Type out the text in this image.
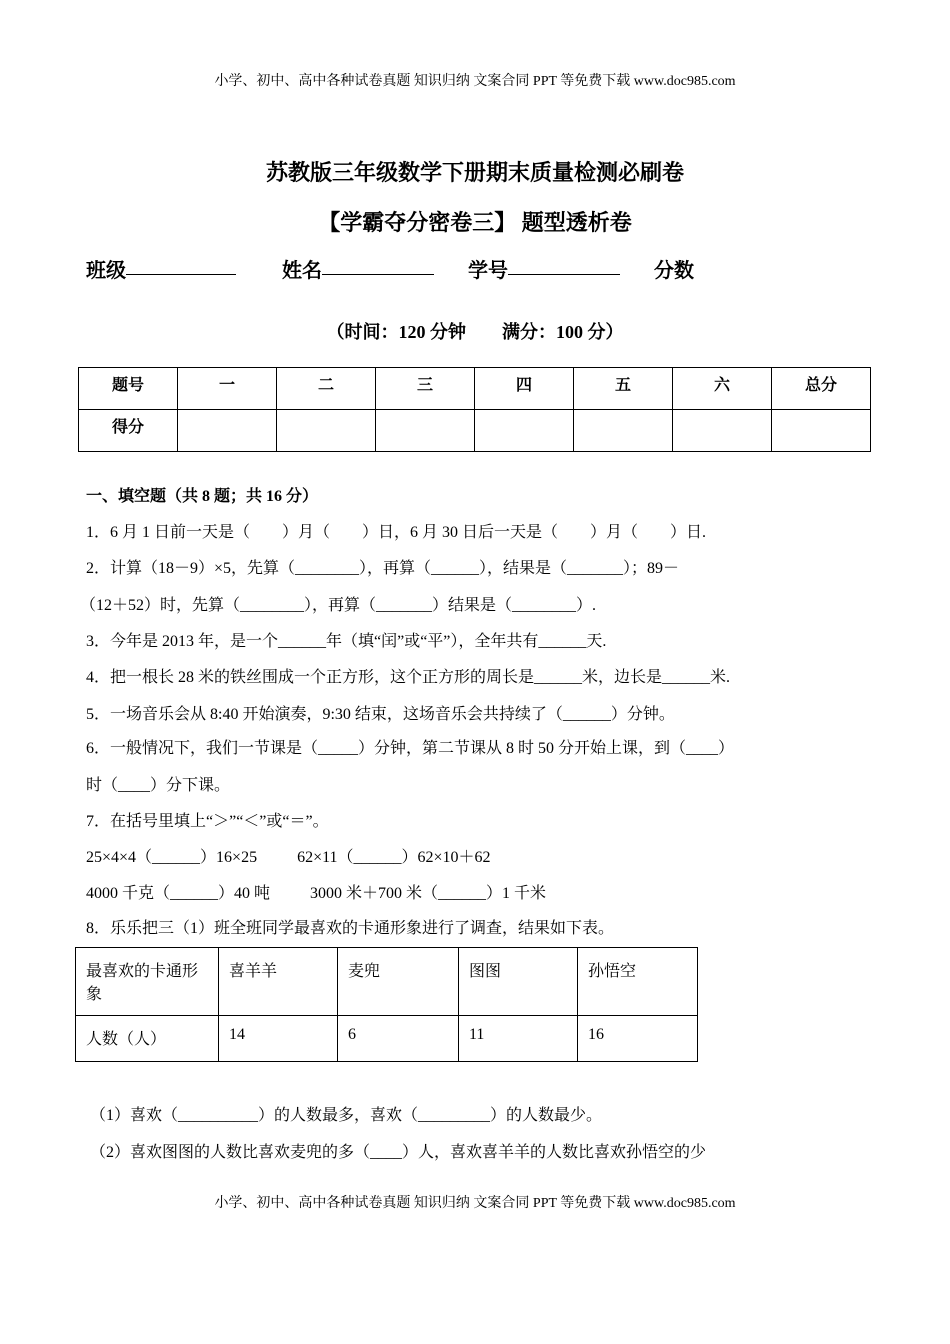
小学、初中、高中各种试卷真题 知识归纳 文案合同 PPT 等免费下载 www.doc985.com
苏教版三年级数学下册期末质量检测必刷卷
【学霸夺分密卷三】 题型透析卷
班级	姓名	学号	分数
（时间：120 分钟        满分：100 分）
题号	一	二	三	四	五	六	总分
得分							
一、填空题（共 8 题；共 16 分）
1．6 月 1 日前一天是（　　）月（　　）日，6 月 30 日后一天是（　　）月（　　）日.
2．计算（18－9）×5，先算（________），再算（______），结果是（_______）；89－
（12＋52）时，先算（________），再算（_______）结果是（________）.
3．今年是 2013 年，是一个______年（填“闰”或“平”），全年共有______天.
4．把一根长 28 米的铁丝围成一个正方形，这个正方形的周长是______米，边长是______米.
5．一场音乐会从 8:40 开始演奏，9:30 结束，这场音乐会共持续了（______）分钟。
6．一般情况下，我们一节课是（_____）分钟，第二节课从 8 时 50 分开始上课，到（____）
时（____）分下课。
7．在括号里填上“＞”“＜”或“＝”。
25×4×4（______）16×25          62×11（______）62×10＋62
4000 千克（______）40 吨          3000 米＋700 米（______）1 千米
8．乐乐把三（1）班全班同学最喜欢的卡通形象进行了调查，结果如下表。
最喜欢的卡通形象	喜羊羊	麦兜	图图	孙悟空
人数（人）	14	6	11	16
（1）喜欢（__________）的人数最多，喜欢（_________）的人数最少。
（2）喜欢图图的人数比喜欢麦兜的多（____）人，喜欢喜羊羊的人数比喜欢孙悟空的少
小学、初中、高中各种试卷真题 知识归纳 文案合同 PPT 等免费下载 www.doc985.com
